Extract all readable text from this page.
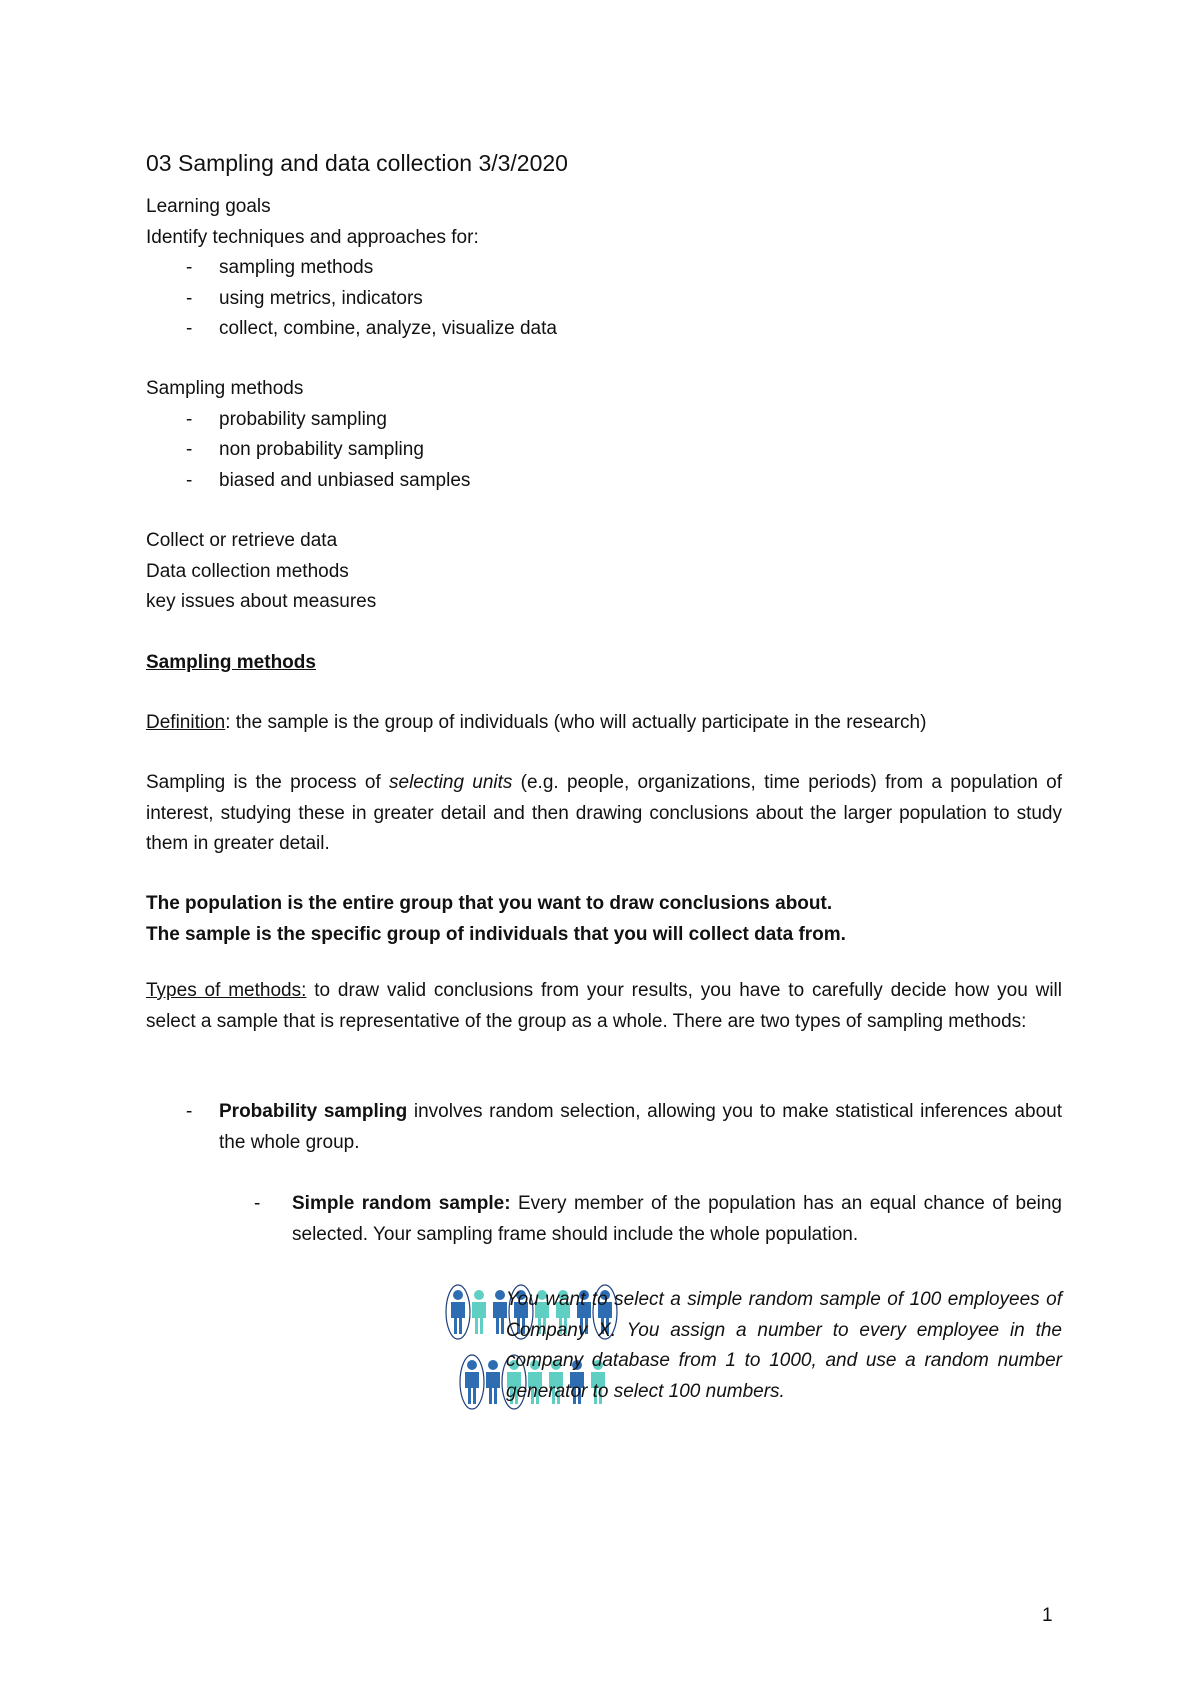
03 Sampling and data collection 3/3/2020
Learning goals
Identify techniques and approaches for:
- sampling methods
- using metrics, indicators
- collect, combine, analyze, visualize data
Sampling methods
- probability sampling
- non probability sampling
- biased and unbiased samples
Collect or retrieve data
Data collection methods
key issues about measures
Sampling methods
Definition: the sample is the group of individuals (who will actually participate in the research)
Sampling is the process of selecting units (e.g. people, organizations, time periods) from a population of interest, studying these in greater detail and then drawing conclusions about the larger population to study them in greater detail.
The population is the entire group that you want to draw conclusions about.
The sample is the specific group of individuals that you will collect data from.
Types of methods: to draw valid conclusions from your results, you have to carefully decide how you will select a sample that is representative of the group as a whole. There are two types of sampling methods:
- Probability sampling involves random selection, allowing you to make statistical inferences about the whole group.
- Simple random sample: Every member of the population has an equal chance of being selected. Your sampling frame should include the whole population.
You want to select a simple random sample of 100 employees of Company X. You assign a number to every employee in the company database from 1 to 1000, and use a random number generator to select 100 numbers.
1
